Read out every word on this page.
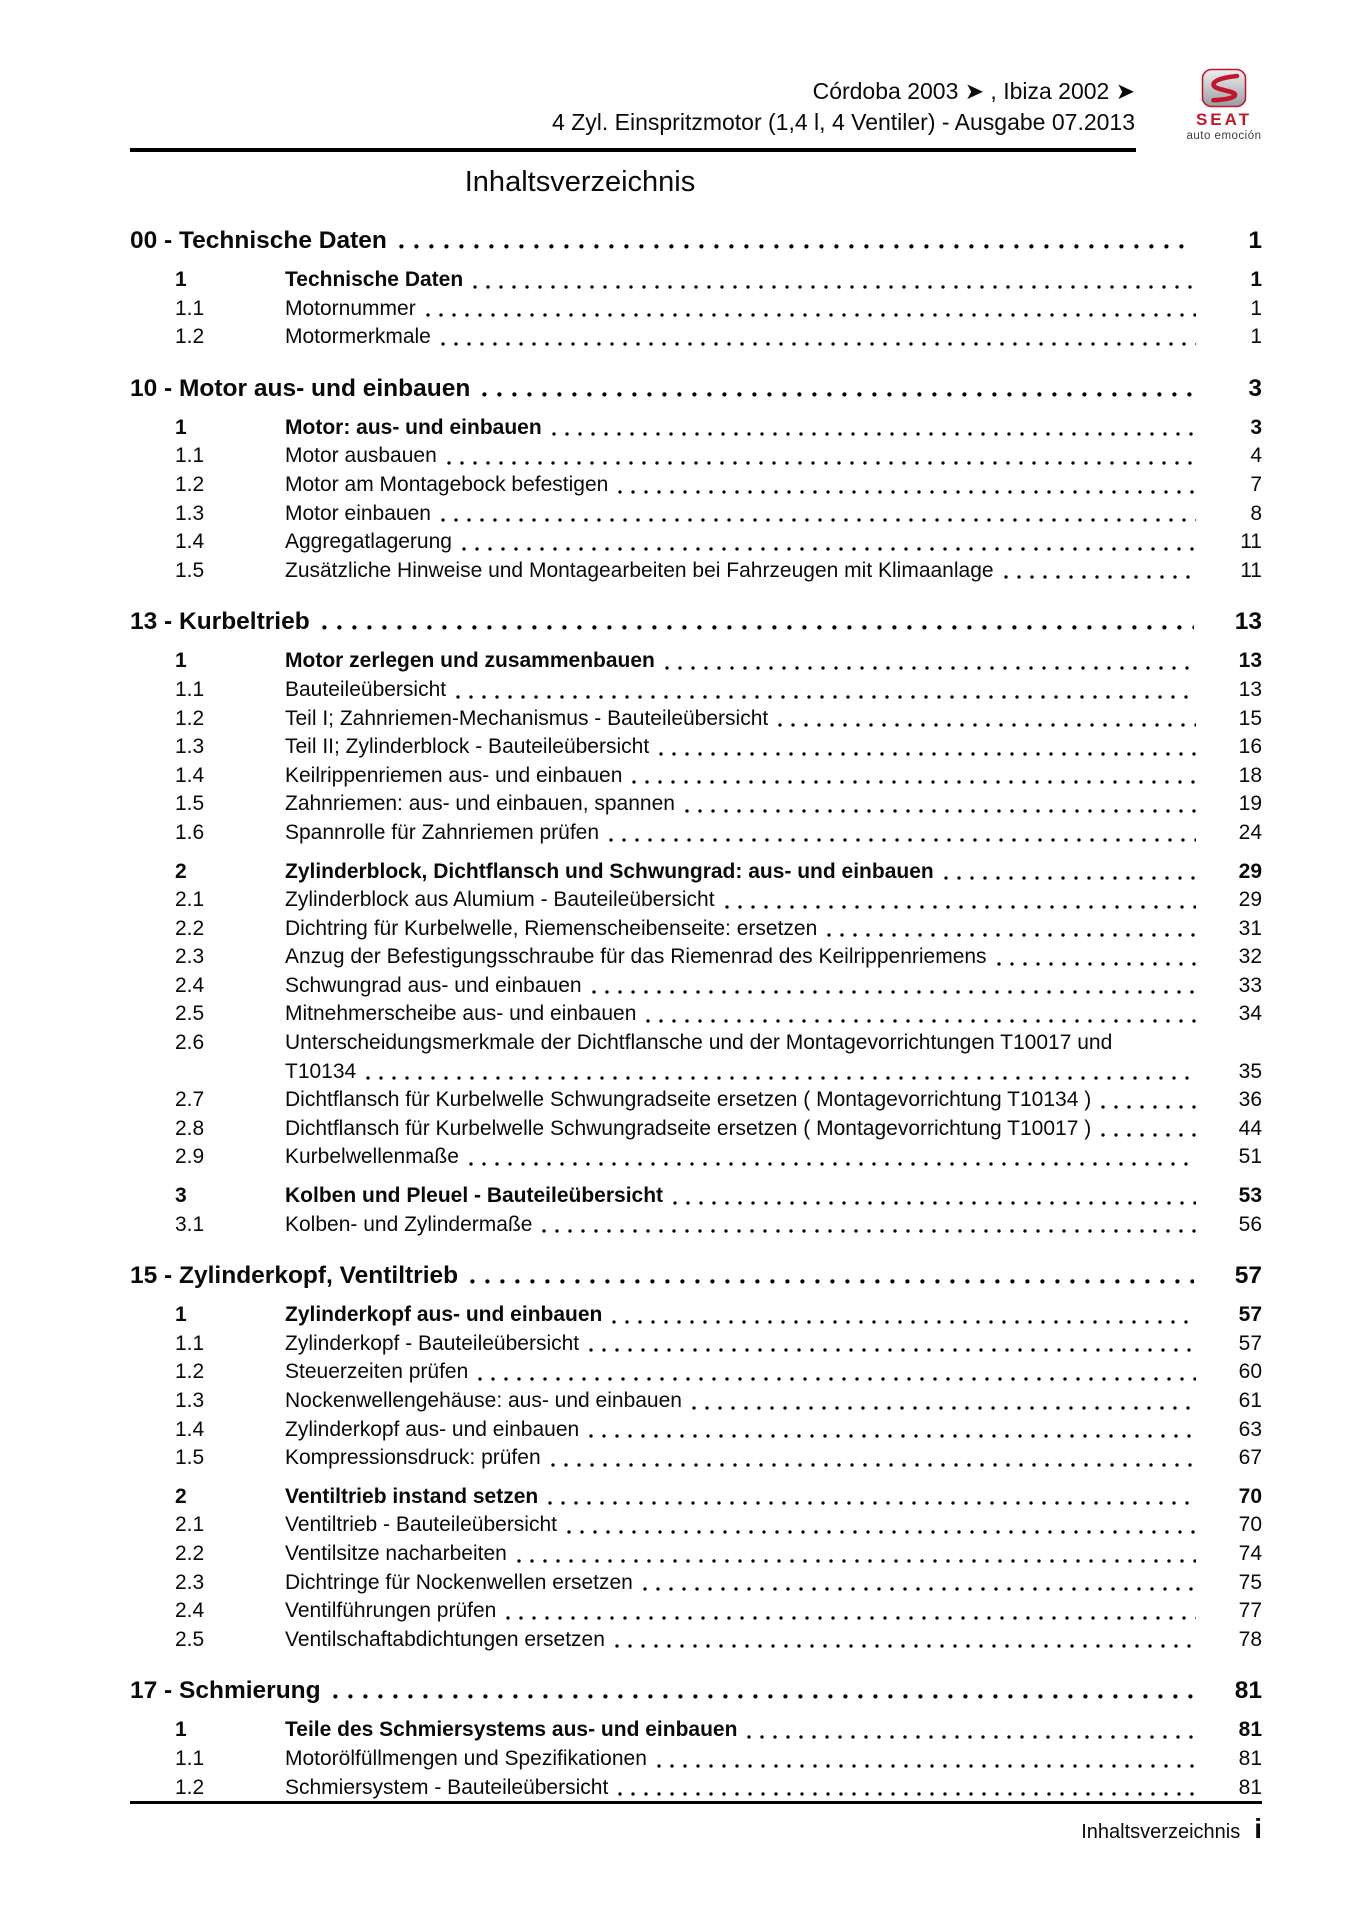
Córdoba 2003 ➤ , Ibiza 2002 ➤
4 Zyl. Einspritzmotor (1,4 l, 4 Ventiler) - Ausgabe 07.2013	SEAT
auto emoción
Inhaltsverzeichnis
00 - Technische Daten	1
1	Technische Daten	1
1.1	Motornummer	1
1.2	Motormerkmale	1
10 - Motor aus- und einbauen	3
1	Motor: aus- und einbauen	3
1.1	Motor ausbauen	4
1.2	Motor am Montagebock befestigen	7
1.3	Motor einbauen	8
1.4	Aggregatlagerung	11
1.5	Zusätzliche Hinweise und Montagearbeiten bei Fahrzeugen mit Klimaanlage	11
13 - Kurbeltrieb	13
1	Motor zerlegen und zusammenbauen	13
1.1	Bauteileübersicht	13
1.2	Teil I; Zahnriemen-Mechanismus - Bauteileübersicht	15
1.3	Teil II; Zylinderblock - Bauteileübersicht	16
1.4	Keilrippenriemen aus- und einbauen	18
1.5	Zahnriemen: aus- und einbauen, spannen	19
1.6	Spannrolle für Zahnriemen prüfen	24
2	Zylinderblock, Dichtflansch und Schwungrad: aus- und einbauen	29
2.1	Zylinderblock aus Alumium - Bauteileübersicht	29
2.2	Dichtring für Kurbelwelle, Riemenscheibenseite: ersetzen	31
2.3	Anzug der Befestigungsschraube für das Riemenrad des Keilrippenriemens	32
2.4	Schwungrad aus- und einbauen	33
2.5	Mitnehmerscheibe aus- und einbauen	34
2.6	Unterscheidungsmerkmale der Dichtflansche und der Montagevorrichtungen T10017 und
T10134	35
2.7	Dichtflansch für Kurbelwelle Schwungradseite ersetzen ( Montagevorrichtung T10134 )	36
2.8	Dichtflansch für Kurbelwelle Schwungradseite ersetzen ( Montagevorrichtung T10017 )	44
2.9	Kurbelwellenmaße	51
3	Kolben und Pleuel - Bauteileübersicht	53
3.1	Kolben- und Zylindermaße	56
15 - Zylinderkopf, Ventiltrieb	57
1	Zylinderkopf aus- und einbauen	57
1.1	Zylinderkopf - Bauteileübersicht	57
1.2	Steuerzeiten prüfen	60
1.3	Nockenwellengehäuse: aus- und einbauen	61
1.4	Zylinderkopf aus- und einbauen	63
1.5	Kompressionsdruck: prüfen	67
2	Ventiltrieb instand setzen	70
2.1	Ventiltrieb - Bauteileübersicht	70
2.2	Ventilsitze nacharbeiten	74
2.3	Dichtringe für Nockenwellen ersetzen	75
2.4	Ventilführungen prüfen	77
2.5	Ventilschaftabdichtungen ersetzen	78
17 - Schmierung	81
1	Teile des Schmiersystems aus- und einbauen	81
1.1	Motorölfüllmengen und Spezifikationen	81
1.2	Schmiersystem - Bauteileübersicht	81
Inhaltsverzeichnis i
